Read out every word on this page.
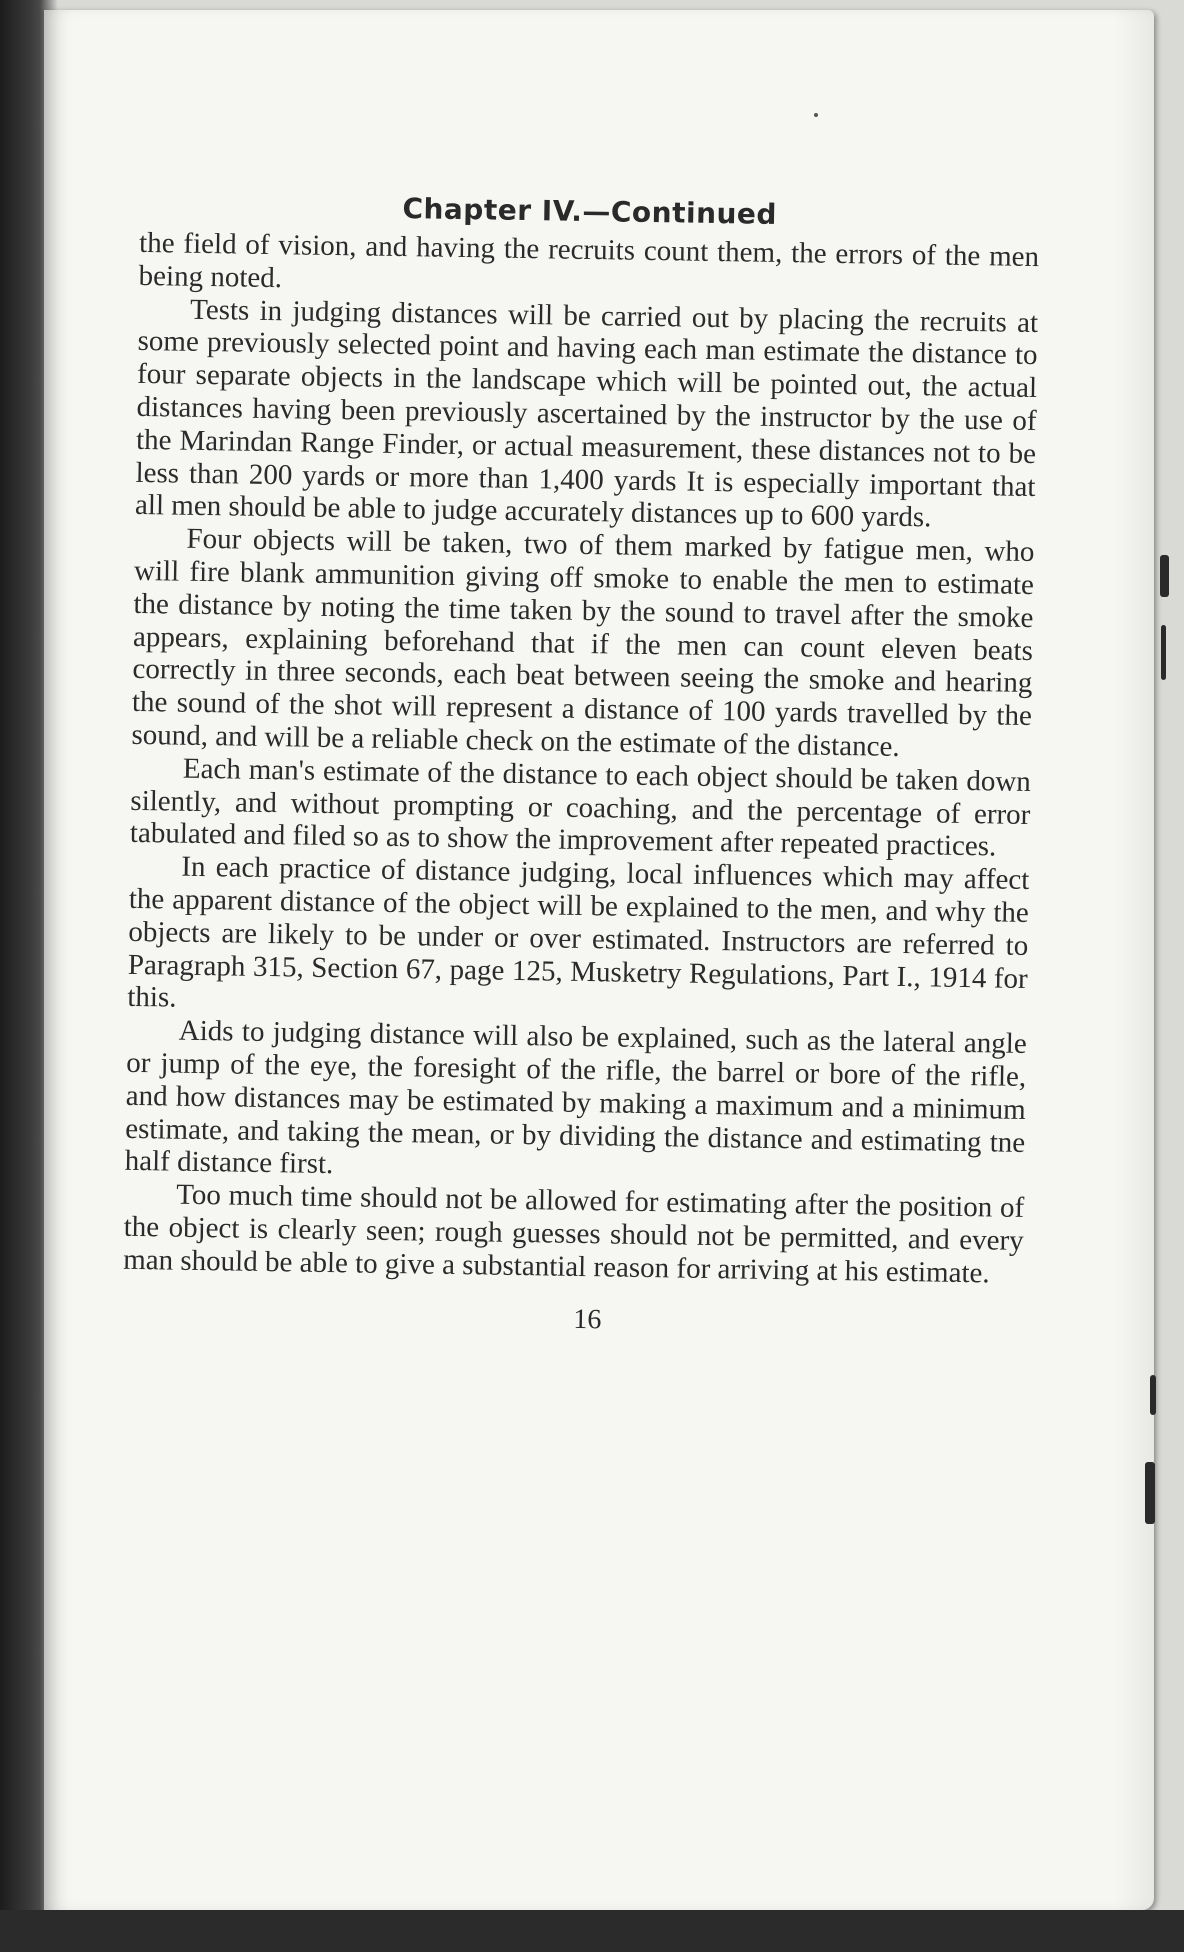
Chapter IV.—Continued

the field of vision, and having the recruits count them, the errors of the men being noted.

Tests in judging distances will be carried out by placing the recruits at some previously selected point and having each man estimate the distance to four separate objects in the landscape which will be pointed out, the actual distances having been previously ascertained by the instructor by the use of the Marindan Range Finder, or actual measurement, these distances not to be less than 200 yards or more than 1,400 yards It is especially important that all men should be able to judge accurately distances up to 600 yards.

Four objects will be taken, two of them marked by fatigue men, who will fire blank ammunition giving off smoke to enable the men to estimate the distance by noting the time taken by the sound to travel after the smoke appears, explaining beforehand that if the men can count eleven beats correctly in three seconds, each beat between seeing the smoke and hearing the sound of the shot will represent a distance of 100 yards travelled by the sound, and will be a reliable check on the estimate of the distance.

Each man's estimate of the distance to each object should be taken down silently, and without prompting or coaching, and the percentage of error tabulated and filed so as to show the improvement after repeated practices.

In each practice of distance judging, local influences which may affect the apparent distance of the object will be explained to the men, and why the objects are likely to be under or over estimated. Instructors are referred to Paragraph 315, Section 67, page 125, Musketry Regulations, Part I., 1914 for this.

Aids to judging distance will also be explained, such as the lateral angle or jump of the eye, the foresight of the rifle, the barrel or bore of the rifle, and how distances may be estimated by making a maximum and a minimum estimate, and taking the mean, or by dividing the distance and estimating tne half distance first.

Too much time should not be allowed for estimating after the position of the object is clearly seen; rough guesses should not be permitted, and every man should be able to give a substantial reason for arriving at his estimate.

16
